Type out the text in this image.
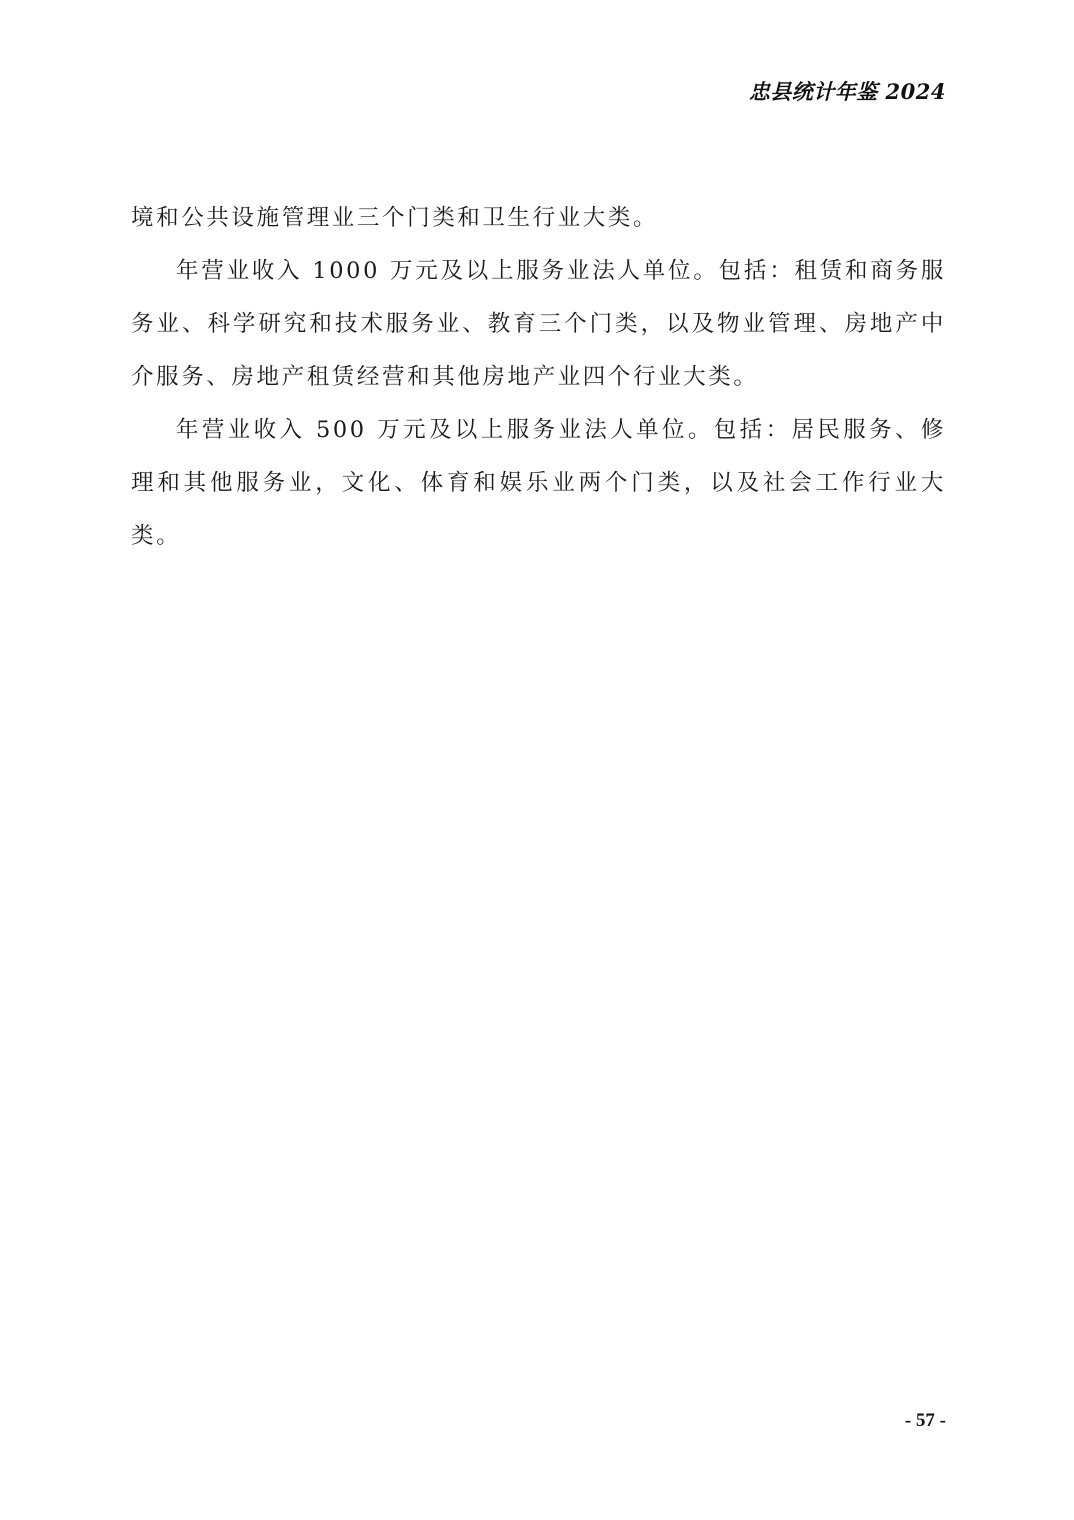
忠县统计年鉴 2024

境和公共设施管理业三个门类和卫生行业大类。

年营业收入 1000 万元及以上服务业法人单位。包括：租赁和商务服务业、科学研究和技术服务业、教育三个门类，以及物业管理、房地产中介服务、房地产租赁经营和其他房地产业四个行业大类。

年营业收入 500 万元及以上服务业法人单位。包括：居民服务、修理和其他服务业，文化、体育和娱乐业两个门类，以及社会工作行业大类。

- 57 -
